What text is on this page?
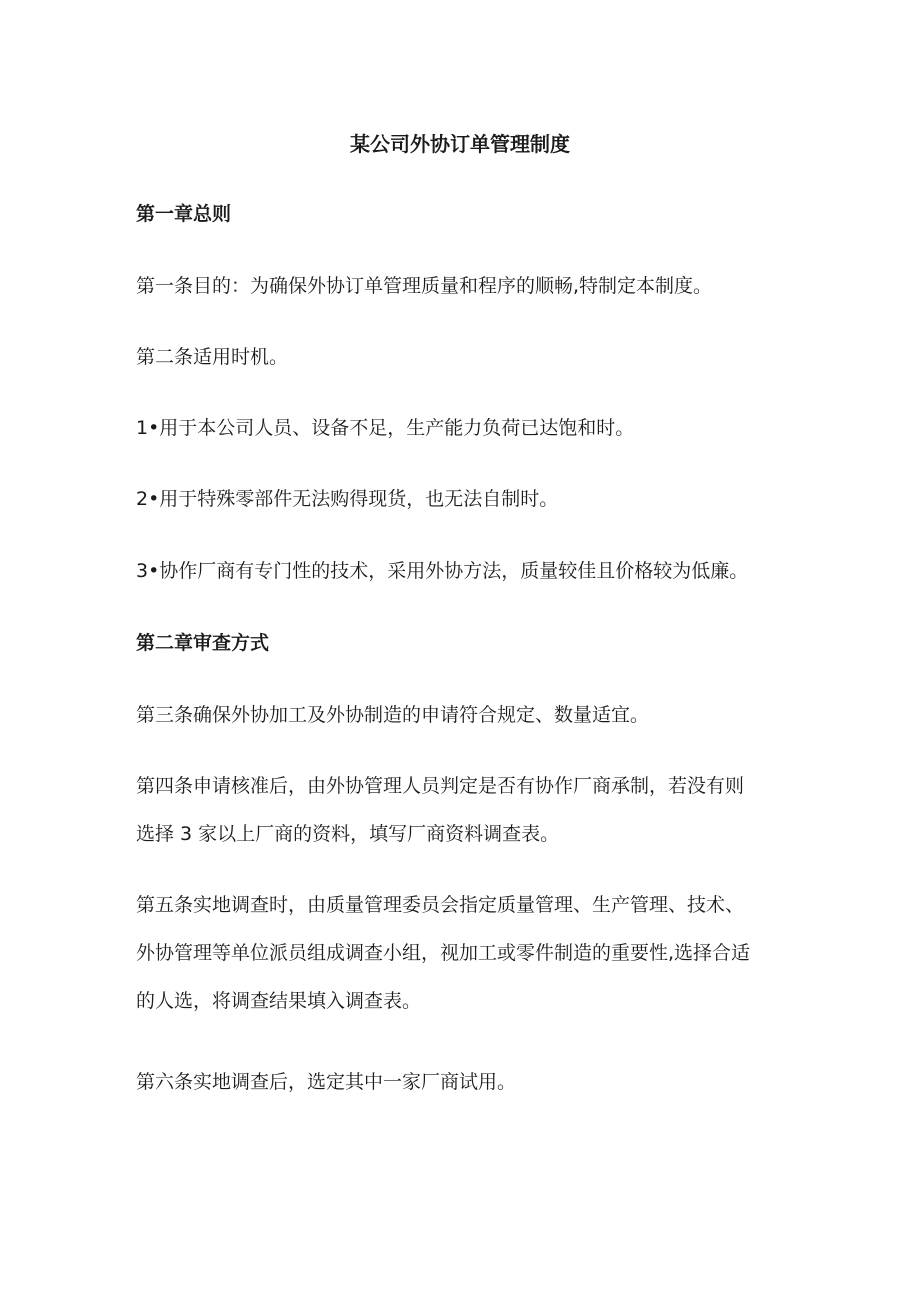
某公司外协订单管理制度

第一章总则

第一条目的：为确保外协订单管理质量和程序的顺畅,特制定本制度。

第二条适用时机。

1•用于本公司人员、设备不足，生产能力负荷已达饱和时。

2•用于特殊零部件无法购得现货，也无法自制时。

3•协作厂商有专门性的技术，采用外协方法，质量较佳且价格较为低廉。

第二章审查方式

第三条确保外协加工及外协制造的申请符合规定、数量适宜。

第四条申请核准后，由外协管理人员判定是否有协作厂商承制，若没有则

选择 3 家以上厂商的资料，填写厂商资料调查表。

第五条实地调查时，由质量管理委员会指定质量管理、生产管理、技术、

外协管理等单位派员组成调查小组，视加工或零件制造的重要性,选择合适

的人选，将调查结果填入调查表。

第六条实地调查后，选定其中一家厂商试用。
